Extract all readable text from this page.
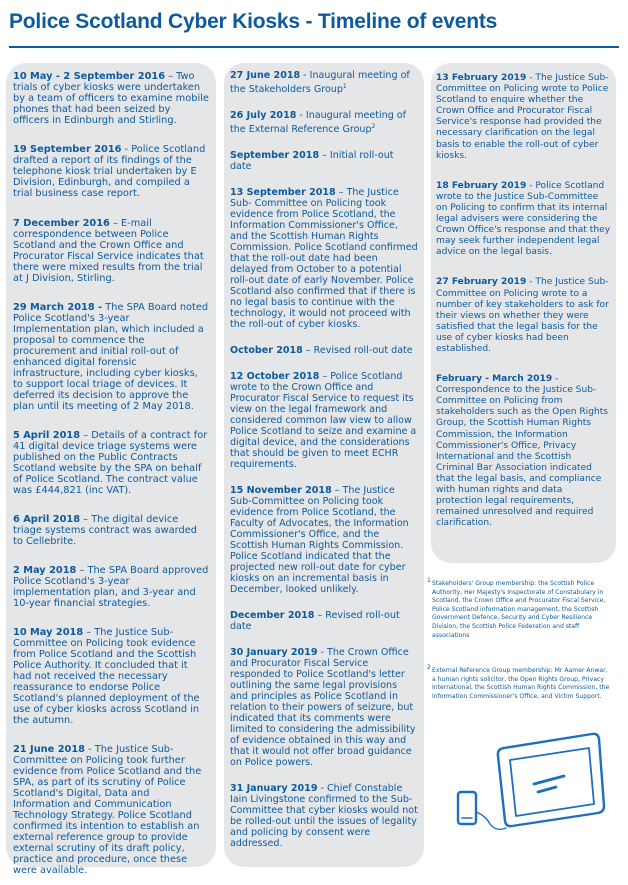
Police Scotland Cyber Kiosks - Timeline of events

10 May - 2 September 2016 – Two trials of cyber kiosks were undertaken by a team of officers to examine mobile phones that had been seized by officers in Edinburgh and Stirling.

19 September 2016 - Police Scotland drafted a report of its findings of the telephone kiosk trial undertaken by E Division, Edinburgh, and compiled a trial business case report.

7 December 2016 – E-mail correspondence between Police Scotland and the Crown Office and Procurator Fiscal Service indicates that there were mixed results from the trial at J Division, Stirling.

29 March 2018 - The SPA Board noted Police Scotland's 3-year Implementation plan, which included a proposal to commence the procurement and initial roll-out of enhanced digital forensic infrastructure, including cyber kiosks, to support local triage of devices. It deferred its decision to approve the plan until its meeting of 2 May 2018.

5 April 2018 – Details of a contract for 41 digital device triage systems were published on the Public Contracts Scotland website by the SPA on behalf of Police Scotland. The contract value was £444,821 (inc VAT).

6 April 2018 – The digital device triage systems contract was awarded to Cellebrite.

2 May 2018 – The SPA Board approved Police Scotland's 3-year implementation plan, and 3-year and 10-year financial strategies.

10 May 2018 – The Justice Sub-Committee on Policing took evidence from Police Scotland and the Scottish Police Authority. It concluded that it had not received the necessary reassurance to endorse Police Scotland's planned deployment of the use of cyber kiosks across Scotland in the autumn.

21 June 2018 - The Justice Sub-Committee on Policing took further evidence from Police Scotland and the SPA, as part of its scrutiny of Police Scotland's Digital, Data and Information and Communication Technology Strategy. Police Scotland confirmed its intention to establish an external reference group to provide external scrutiny of its draft policy, practice and procedure, once these were available.

27 June 2018 - Inaugural meeting of the Stakeholders Group$^1$

26 July 2018 - Inaugural meeting of the External Reference Group$^2$

September 2018 – Initial roll-out date

13 September 2018 – The Justice Sub- Committee on Policing took evidence from Police Scotland, the Information Commissioner's Office, and the Scottish Human Rights Commission. Police Scotland confirmed that the roll-out date had been delayed from October to a potential roll-out date of early November. Police Scotland also confirmed that if there is no legal basis to continue with the technology, it would not proceed with the roll-out of cyber kiosks.

October 2018 – Revised roll-out date

12 October 2018 – Police Scotland wrote to the Crown Office and Procurator Fiscal Service to request its view on the legal framework and considered common law view to allow Police Scotland to seize and examine a digital device, and the considerations that should be given to meet ECHR requirements.

15 November 2018 – The Justice Sub-Committee on Policing took evidence from Police Scotland, the Faculty of Advocates, the Information Commissioner's Office, and the Scottish Human Rights Commission. Police Scotland indicated that the projected new roll-out date for cyber kiosks on an incremental basis in December, looked unlikely.

December 2018 – Revised roll-out date

30 January 2019 - The Crown Office and Procurator Fiscal Service responded to Police Scotland's letter outlining the same legal provisions and principles as Police Scotland in relation to their powers of seizure, but indicated that its comments were limited to considering the admissibility of evidence obtained in this way and that it would not offer broad guidance on Police powers.

31 January 2019 - Chief Constable Iain Livingstone confirmed to the Sub-Committee that cyber kiosks would not be rolled-out until the issues of legality and policing by consent were addressed.

13 February 2019 - The Justice Sub-Committee on Policing wrote to Police Scotland to enquire whether the Crown Office and Procurator Fiscal Service's response had provided the necessary clarification on the legal basis to enable the roll-out of cyber kiosks.

18 February 2019 - Police Scotland wrote to the Justice Sub-Committee on Policing to confirm that its internal legal advisers were considering the Crown Office's response and that they may seek further independent legal advice on the legal basis.

27 February 2019 - The Justice Sub-Committee on Policing wrote to a number of key stakeholders to ask for their views on whether they were satisfied that the legal basis for the use of cyber kiosks had been established.

February - March 2019 - Correspondence to the Justice Sub-Committee on Policing from stakeholders such as the Open Rights Group, the Scottish Human Rights Commission, the Information Commissioner's Office, Privacy International and the Scottish Criminal Bar Association indicated that the legal basis, and compliance with human rights and data protection legal requirements, remained unresolved and required clarification.

1 Stakeholders' Group membership: the Scottish Police Authority, Her Majesty's Inspectorate of Constabulary in Scotland, the Crown Office and Procurator Fiscal Service, Police Scotland information management, the Scottish Government Defence, Security and Cyber Resilience Division, the Scottish Police Federation and staff associations

2 External Reference Group membership: Mr Aamer Anwar, a human rights solicitor, the Open Rights Group, Privacy International, the Scottish Human Rights Commission, the Information Commissioner's Office, and Victim Support.
